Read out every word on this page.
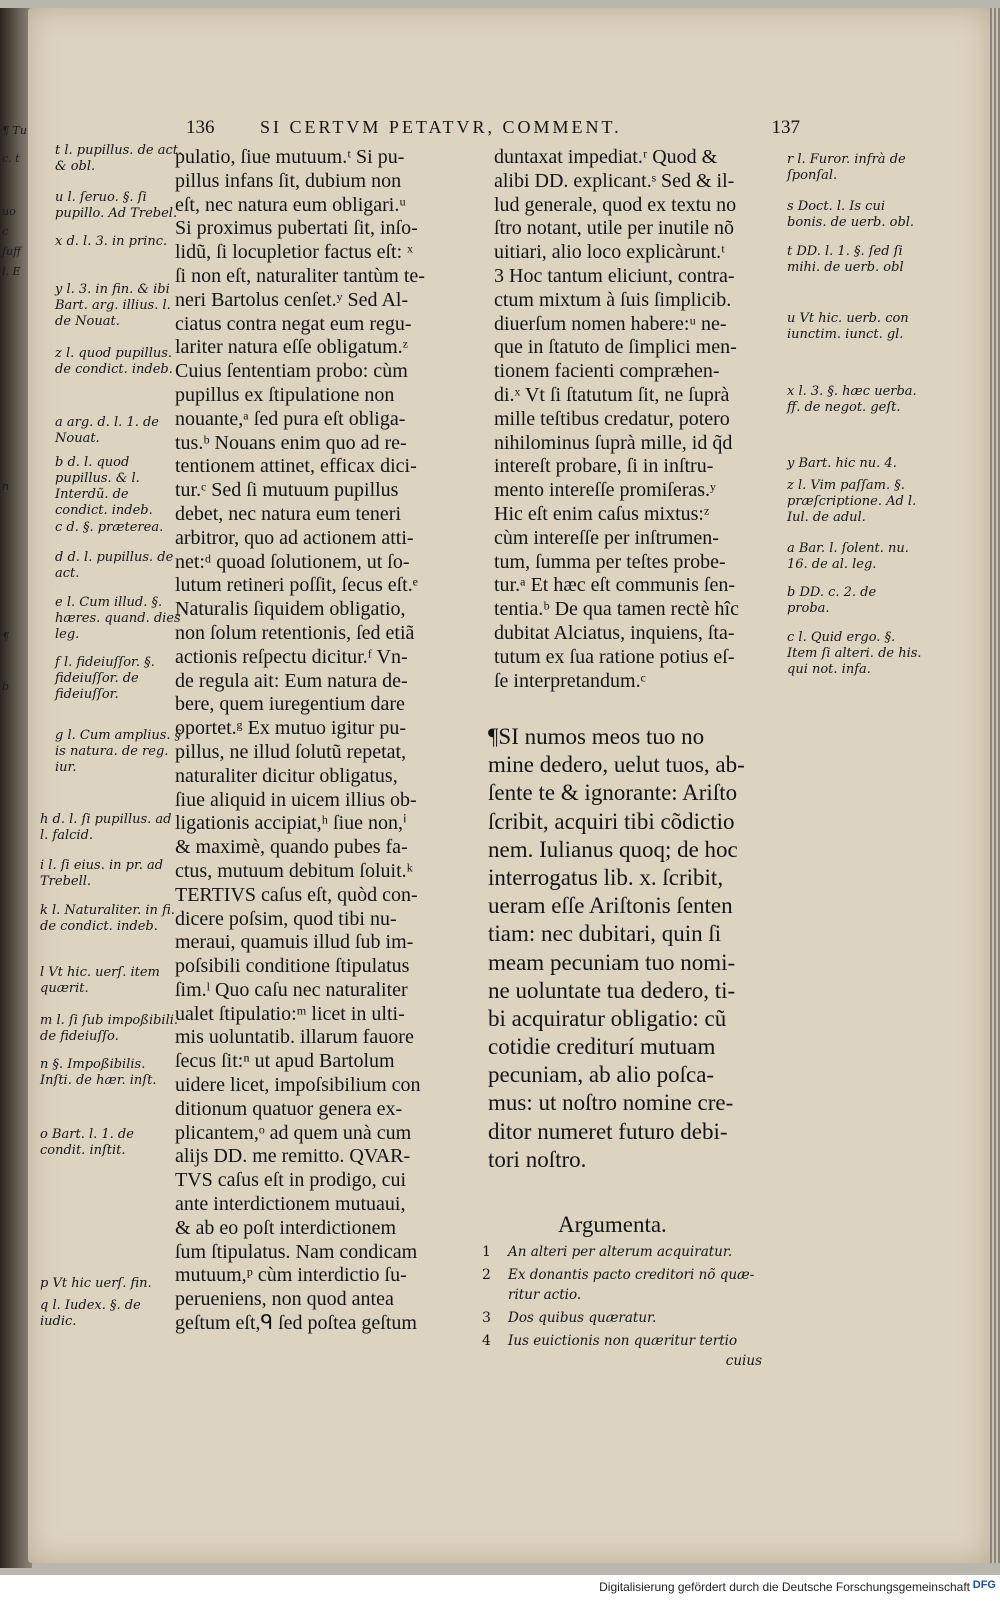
¶ Tu
c. t
uo
c
ſuff
l. E
n
¶
b
136	SI CERTVM PETATVR, COMMENT.	137
t l. pupillus. de act. & obl.
u l. ſeruo. §. ſi pupillo. Ad Trebel.
x d. l. 3. in princ.
y l. 3. in fin. & ibi Bart. arg. illius. l. de Nouat.
z l. quod pupillus. de condict. indeb.
a arg. d. l. 1. de Nouat.
b d. l. quod pupillus. & l. Interdũ. de condict. indeb.
c d. §. præterea.
d d. l. pupillus. de act.
e l. Cum illud. §. hæres. quand. dies leg.
f l. fideiuſſor. §. fideiuſſor. de fideiuſſor.
g l. Cum amplius. § is natura. de reg. iur.
h d. l. ſi pupillus. ad l. falcid.
i l. ſi eius. in pr. ad Trebell.
k l. Naturaliter. in fi. de condict. indeb.
l Vt hic. uerſ. item quærit.
m l. ſi ſub impoßibili. de fideiuſſo.
n §. Impoßibilis. Inſti. de hær. inſt.
o Bart. l. 1. de condit. inſtit.
p Vt hic uerſ. fin.
q l. Iudex. §. de iudic.
pulatio, ſiue mutuum.ᵗ Si pu-
pillus infans ſit, dubium non
eſt, nec natura eum obligari.ᵘ
Si proximus pubertati ſit, inſo-
lidũ, ſi locupletior factus eſt: ˣ
ſi non eſt, naturaliter tantùm te-
neri Bartolus cenſet.ʸ Sed Al-
ciatus contra negat eum regu-
lariter natura eſſe obligatum.ᶻ
Cuius ſententiam probo: cùm
pupillus ex ſtipulatione non
nouante,ᵃ ſed pura eſt obliga-
tus.ᵇ Nouans enim quo ad re-
tentionem attinet, efficax dici-
tur.ᶜ Sed ſi mutuum pupillus
debet, nec natura eum teneri
arbitror, quo ad actionem atti-
net:ᵈ quoad ſolutionem, ut ſo-
lutum retineri poſſit, ſecus eſt.ᵉ
Naturalis ſiquidem obligatio,
non ſolum retentionis, ſed etiã
actionis reſpectu dicitur.ᶠ Vn-
de regula ait: Eum natura de-
bere, quem iuregentium dare
oportet.ᵍ Ex mutuo igitur pu-
pillus, ne illud ſolutũ repetat,
naturaliter dicitur obligatus,
ſiue aliquid in uicem illius ob-
ligationis accipiat,ʰ ſiue non,ⁱ
& maximè, quando pubes fa-
ctus, mutuum debitum ſoluit.ᵏ
TERTIVS caſus eſt, quòd con-
dicere poſsim, quod tibi nu-
meraui, quamuis illud ſub im-
poſsibili conditione ſtipulatus
ſim.ˡ Quo caſu nec naturaliter
ualet ſtipulatio:ᵐ licet in ulti-
mis uoluntatib. illarum fauore
ſecus ſit:ⁿ ut apud Bartolum
uidere licet, impoſsibilium con
ditionum quatuor genera ex-
plicantem,ᵒ ad quem unà cum
alijs DD. me remitto. QVAR-
TVS caſus eſt in prodigo, cui
ante interdictionem mutuaui,
& ab eo poſt interdictionem
ſum ſtipulatus. Nam condicam
mutuum,ᵖ cùm interdictio ſu-
perueniens, non quod antea
geſtum eſt,ᑫ ſed poſtea geſtum
duntaxat impediat.ʳ Quod &
alibi DD. explicant.ˢ Sed & il-
lud generale, quod ex textu no
ſtro notant, utile per inutile nõ
uitiari, alio loco explicàrunt.ᵗ
3 Hoc tantum eliciunt, contra-
ctum mixtum à ſuis ſimplicib.
diuerſum nomen habere:ᵘ ne-
que in ſtatuto de ſimplici men-
tionem facienti compræhen-
di.ˣ Vt ſi ſtatutum ſit, ne ſuprà
mille teſtibus credatur, potero
nihilominus ſuprà mille, id q̃d
intereſt probare, ſi in inſtru-
mento intereſſe promiſeras.ʸ
Hic eſt enim caſus mixtus:ᶻ
cùm intereſſe per inſtrumen-
tum, ſumma per teſtes probe-
tur.ᵃ Et hæc eſt communis ſen-
tentia.ᵇ De qua tamen rectè hîc
dubitat Alciatus, inquiens, ſta-
tutum ex ſua ratione potius eſ-
ſe interpretandum.ᶜ
r l. Furor. infrà de ſponſal.
s Doct. l. Is cui bonis. de uerb. obl.
t DD. l. 1. §. ſed ſi mihi. de uerb. obl
u Vt hic. uerb. con iunctim. iunct. gl.
x l. 3. §. hæc uerba. ff. de negot. geſt.
y Bart. hic nu. 4.
z l. Vim paſſam. §. præſcriptione. Ad l. Iul. de adul.
a Bar. l. ſolent. nu. 16. de al. leg.
b DD. c. 2. de proba.
c l. Quid ergo. §. Item ſi alteri. de his. qui not. infa.
¶SI numos meos tuo no
mine dedero, uelut tuos, ab-
ſente te & ignorante: Ariſto
ſcribit, acquiri tibi cõdictio
nem. Iulianus quoq; de hoc
interrogatus lib. x. ſcribit,
ueram eſſe Ariſtonis ſenten
tiam: nec dubitari, quin ſi
meam pecuniam tuo nomi-
ne uoluntate tua dedero, ti-
bi acquiratur obligatio: cũ
cotidie crediturí mutuam
pecuniam, ab alio poſca-
mus: ut noſtro nomine cre-
ditor numeret futuro debi-
tori noſtro.
Argumenta.
1 An alteri per alterum acquiratur.
2 Ex donantis pacto creditori nõ quæ-ritur actio.
3 Dos quibus quæratur.
4 Ius euictionis non quæritur tertio
cuius
Digitalisierung gefördert durch die Deutsche Forschungsgemeinschaft DFG
